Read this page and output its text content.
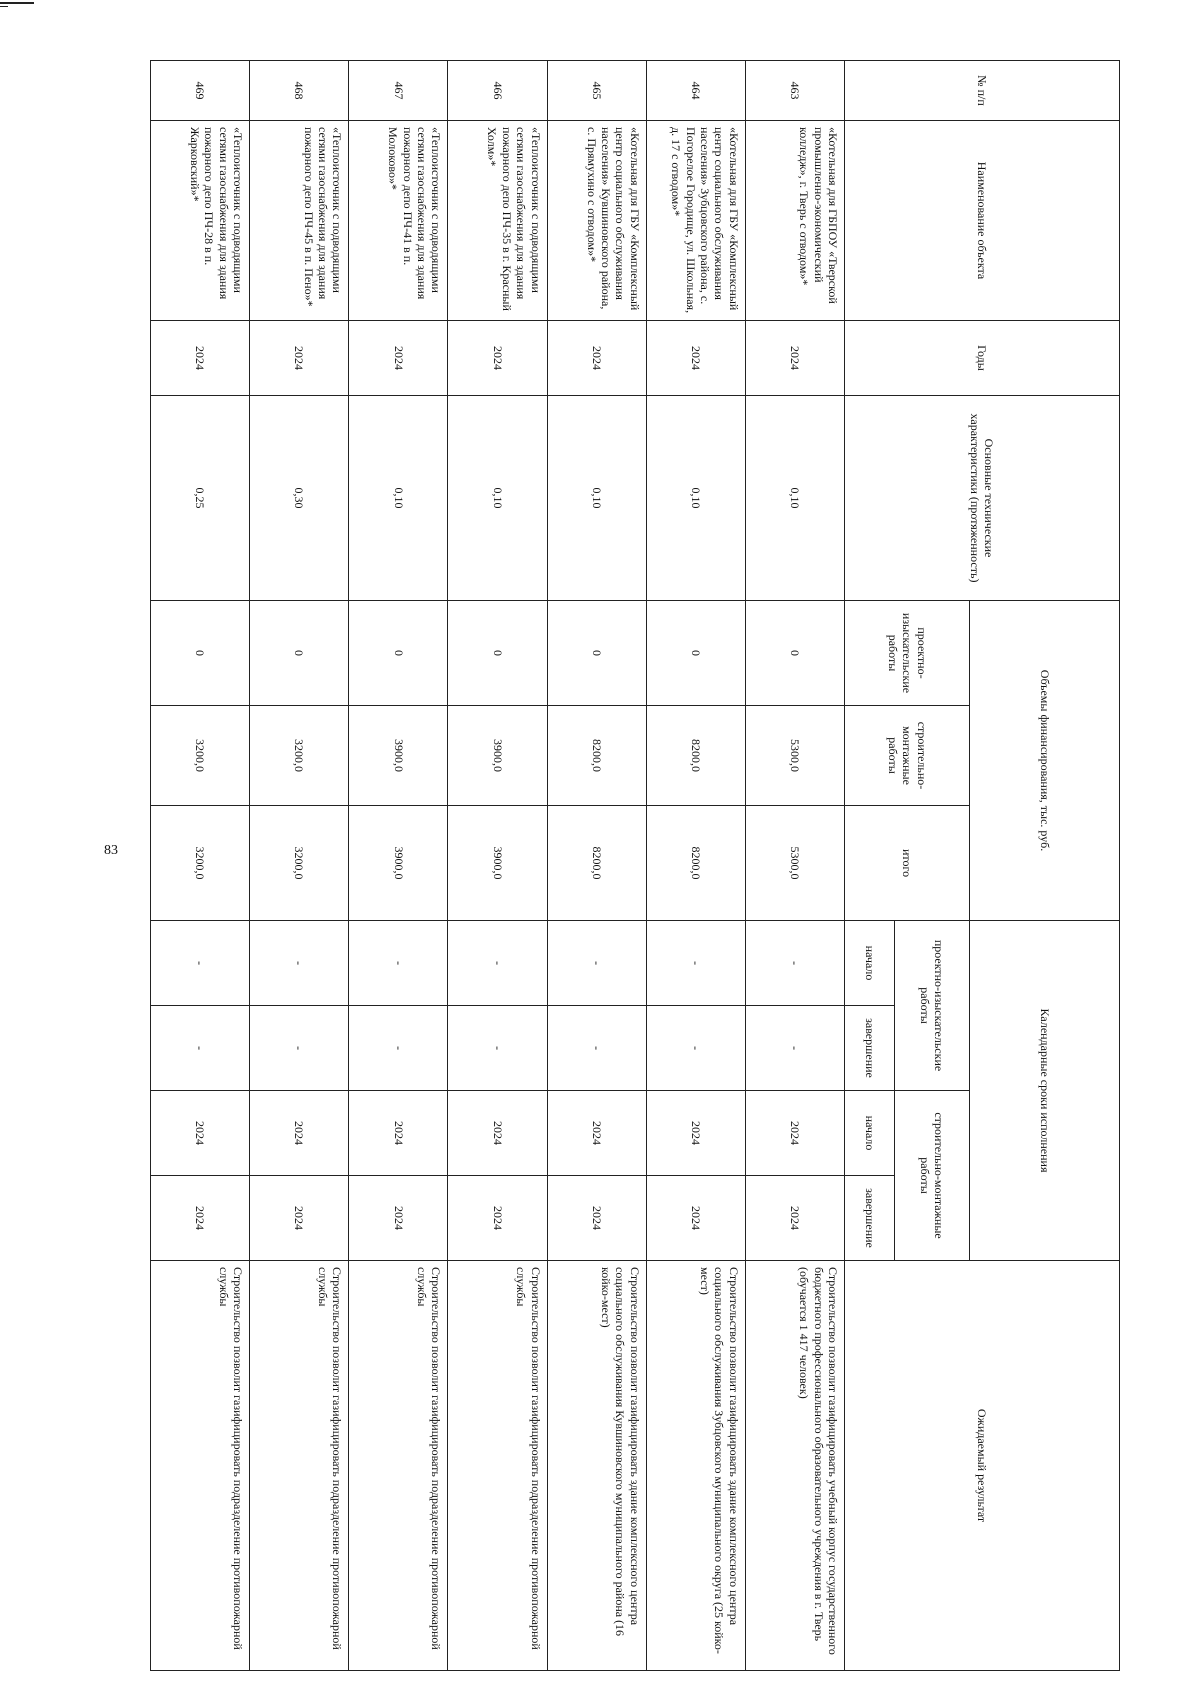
83
№ п/п	Наименование объекта	Годы	Основные технические характеристики (протяженность)	Объемы финансирования, тыс. руб.			Календарные сроки исполнения				Ожидаемый результат
				проектно-изыскательские работы	строительно-монтажные работы	итого	проектно-изыскательские работы		строительно-монтажные работы		
							начало	завершение	начало	завершение	
463	«Котельная для ГБПОУ «Тверской промышленно-экономический колледж», г. Тверь с отводом»*	2024	0,10	0	5300,0	5300,0	-	-	2024	2024	Строительство позволит газифицировать учебный корпус государственного бюджетного профессионального образовательного учреждения в г. Тверь (обучается 1 417 человек)
464	«Котельная для ГБУ «Комплексный центр социального обслуживания населения» Зубцовского района, с. Погорелое Городище, ул. Школьная, д. 17 с отводом»*	2024	0,10	0	8200,0	8200,0	-	-	2024	2024	Строительство позволит газифицировать здание комплексного центра социального обслуживания Зубцовского муниципального округа (25 койко-мест)
465	«Котельная для ГБУ «Комплексный центр социального обслуживания населения» Кувшиновского района, с. Прямухино с отводом»*	2024	0,10	0	8200,0	8200,0	-	-	2024	2024	Строительство позволит газифицировать здание комплексного центра социального обслуживания Кувшиновского муниципального района (16 койко-мест)
466	«Теплоисточник с подводящими сетями газоснабжения для здания пожарного депо ПЧ-35 в г. Красный Холм»*	2024	0,10	0	3900,0	3900,0	-	-	2024	2024	Строительство позволит газифицировать подразделение противопожарной службы
467	«Теплоисточник с подводящими сетями газоснабжения для здания пожарного депо ПЧ-41 в п. Молоково»*	2024	0,10	0	3900,0	3900,0	-	-	2024	2024	Строительство позволит газифицировать подразделение противопожарной службы
468	«Теплоисточник с подводящими сетями газоснабжения для здания пожарного депо ПЧ-45 в п. Пено»*	2024	0,30	0	3200,0	3200,0	-	-	2024	2024	Строительство позволит газифицировать подразделение противопожарной службы
469	«Теплоисточник с подводящими сетями газоснабжения для здания пожарного депо ПЧ-28 в п. Жарковский»*	2024	0,25	0	3200,0	3200,0	-	-	2024	2024	Строительство позволит газифицировать подразделение противопожарной службы
